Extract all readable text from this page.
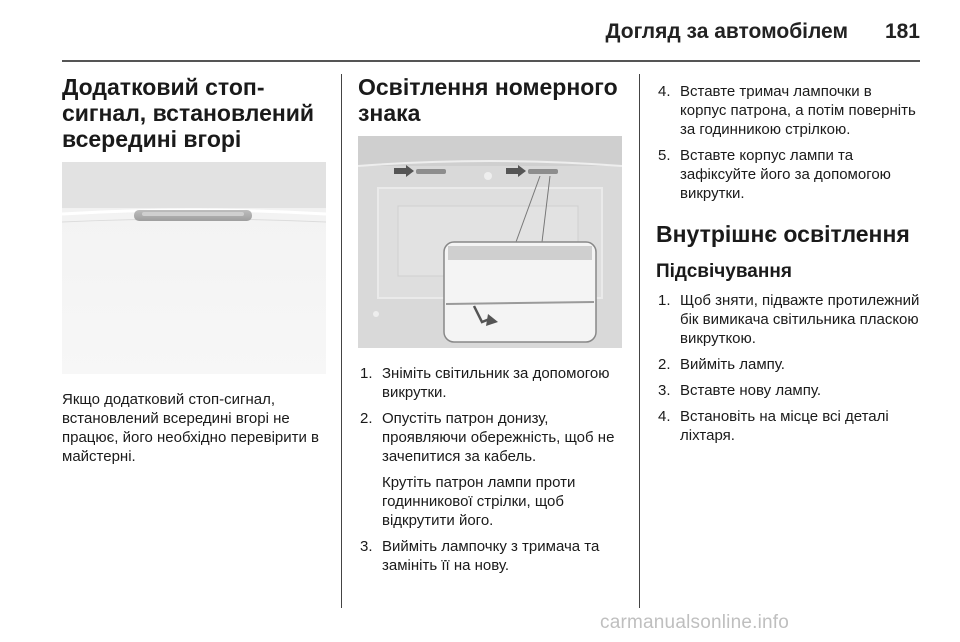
Догляд за автомобілем 181
Додатковий стоп-сигнал, встановлений всередині вгорі

Якщо додатковий стоп-сигнал, встановлений всередині вгорі не працює, його необхідно перевірити в майстерні.

Освітлення номерного знака
1. Зніміть світильник за допомогою викрутки.
2. Опустіть патрон донизу, проявляючи обережність, щоб не зачепитися за кабель.
Крутіть патрон лампи проти годинникової стрілки, щоб відкрутити його.
3. Вийміть лампочку з тримача та замініть її на нову.
4. Вставте тримач лампочки в корпус патрона, а потім поверніть за годинникою стрілкою.
5. Вставте корпус лампи та зафіксуйте його за допомогою викрутки.
Внутрішнє освітлення
Підсвічування
1. Щоб зняти, підважте протилежний бік вимикача світильника пласкою викруткою.
2. Вийміть лампу.
3. Вставте нову лампу.
4. Встановіть на місце всі деталі ліхтаря.
carmanualsonline.info
